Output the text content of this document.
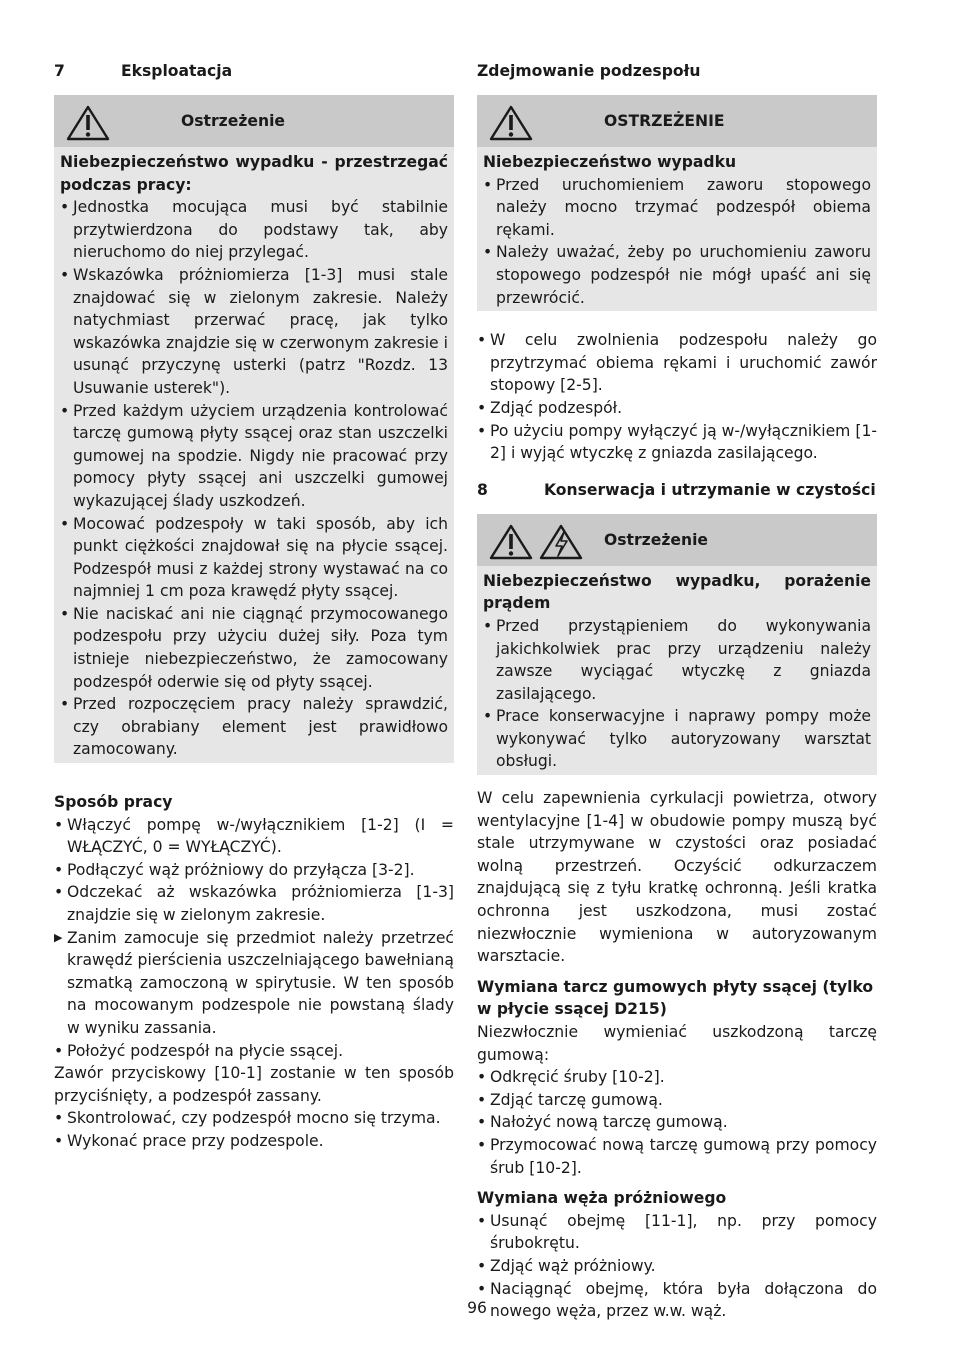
7	Eksploatacja
Ostrzeżenie
Niebezpieczeństwo wypadku - przestrzegać podczas pracy:
• Jednostka mocująca musi być stabilnie przytwierdzona do podstawy tak, aby nieruchomo do niej przylegać.
• Wskazówka próżniomierza [1-3] musi stale znajdować się w zielonym zakresie. Należy natychmiast przerwać pracę, jak tylko wskazówka znajdzie się w czerwonym zakresie i usunąć przyczynę usterki (patrz "Rozdz. 13 Usuwanie usterek").
• Przed każdym użyciem urządzenia kontrolować tarczę gumową płyty ssącej oraz stan uszczelki gumowej na spodzie. Nigdy nie pracować przy pomocy płyty ssącej ani uszczelki gumowej wykazującej ślady uszkodzeń.
• Mocować podzespoły w taki sposób, aby ich punkt ciężkości znajdował się na płycie ssącej. Podzespół musi z każdej strony wystawać na co najmniej 1 cm poza krawędź płyty ssącej.
• Nie naciskać ani nie ciągnąć przymocowanego podzespołu przy użyciu dużej siły. Poza tym istnieje niebezpieczeństwo, że zamocowany podzespół oderwie się od płyty ssącej.
• Przed rozpoczęciem pracy należy sprawdzić, czy obrabiany element jest prawidłowo zamocowany.
Sposób pracy
• Włączyć pompę w-/wyłącznikiem [1-2] (I = WŁĄCZYĆ, 0 = WYŁĄCZYĆ).
• Podłączyć wąż próżniowy do przyłącza [3-2].
• Odczekać aż wskazówka próżniomierza [1-3] znajdzie się w zielonym zakresie.
▶ Zanim zamocuje się przedmiot należy przetrzeć krawędź pierścienia uszczelniającego bawełnianą szmatką zamoczoną w spirytusie. W ten sposób na mocowanym podzespole nie powstaną ślady w wyniku zassania.
• Położyć podzespół na płycie ssącej.

Zawór przyciskowy [10-1] zostanie w ten sposób przyciśnięty, a podzespół zassany.

• Skontrolować, czy podzespół mocno się trzyma.
• Wykonać prace przy podzespole.
Zdejmowanie podzespołu
OSTRZEŻENIE
Niebezpieczeństwo wypadku
• Przed uruchomieniem zaworu stopowego należy mocno trzymać podzespół obiema rękami.
• Należy uważać, żeby po uruchomieniu zaworu stopowego podzespół nie mógł upaść ani się przewrócić.
• W celu zwolnienia podzespołu należy go przytrzymać obiema rękami i uruchomić zawór stopowy [2-5].
• Zdjąć podzespół.
• Po użyciu pompy wyłączyć ją w-/wyłącznikiem [1-2] i wyjąć wtyczkę z gniazda zasilającego.
8	Konserwacja i utrzymanie w czystości
Ostrzeżenie
Niebezpieczeństwo wypadku, porażenie prądem
• Przed przystąpieniem do wykonywania jakichkolwiek prac przy urządzeniu należy zawsze wyciągać wtyczkę z gniazda zasilającego.
• Prace konserwacyjne i naprawy pompy może wykonywać tylko autoryzowany warsztat obsługi.

W celu zapewnienia cyrkulacji powietrza, otwory wentylacyjne [1-4] w obudowie pompy muszą być stale utrzymywane w czystości oraz posiadać wolną przestrzeń. Oczyścić odkurzaczem znajdującą się z tyłu kratkę ochronną. Jeśli kratka ochronna jest uszkodzona, musi zostać niezwłocznie wymieniona w autoryzowanym warsztacie.

Wymiana tarcz gumowych płyty ssącej (tylko w płycie ssącej D215)

Niezwłocznie wymieniać uszkodzoną tarczę gumową:

• Odkręcić śruby [10-2].
• Zdjąć tarczę gumową.
• Nałożyć nową tarczę gumową.
• Przymocować nową tarczę gumową przy pomocy śrub [10-2].
Wymiana węża próżniowego
• Usunąć obejmę [11-1], np. przy pomocy śrubokrętu.
• Zdjąć wąż próżniowy.
• Naciągnąć obejmę, która była dołączona do nowego węża, przez w.w. wąż.
96
